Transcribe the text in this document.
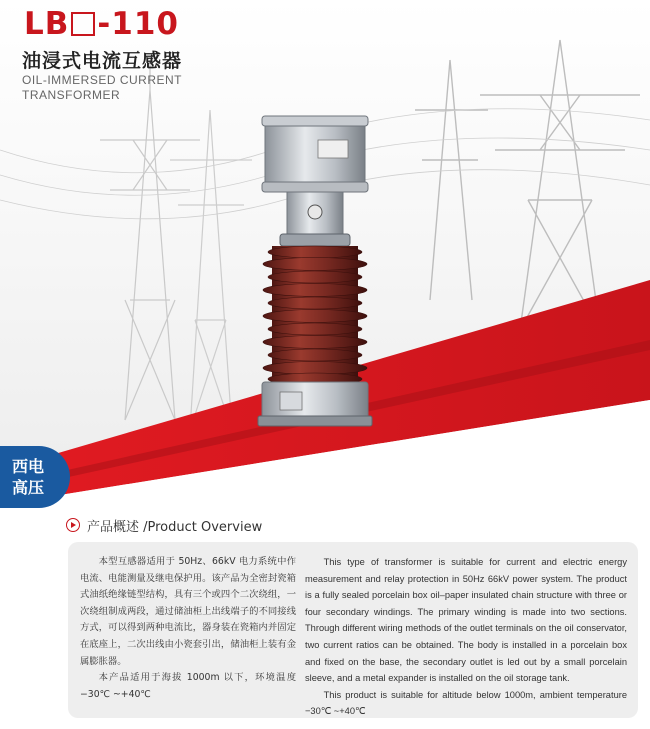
LB -110
油浸式电流互感器
OIL-IMMERSED CURRENT TRANSFORMER
西电
高压
产品概述 /Product Overview

本型互感器适用于 50Hz、66kV 电力系统中作电流、电能测量及继电保护用。该产品为全密封瓷箱式油纸绝缘链型结构，具有三个或四个二次绕组，一次绕组制成两段，通过储油柜上出线端子的不同接线方式，可以得到两种电流比，器身装在瓷箱内并固定在底座上，二次出线由小瓷套引出，储油柜上装有金属膨胀器。

本产品适用于海拔 1000m 以下，环境温度 −30℃ ~+40℃

This type of transformer is suitable for current and electric energy measurement and relay protection in 50Hz 66kV power system. The product is a fully sealed porcelain box oil–paper insulated chain structure with three or four secondary windings. The primary winding is made into two sections. Through different wiring methods of the outlet terminals on the oil conservator, two current ratios can be obtained. The body is installed in a porcelain box and fixed on the base, the secondary outlet is led out by a small porcelain sleeve, and a metal expander is installed on the oil storage tank.

This product is suitable for altitude below 1000m, ambient temperature −30℃ ~+40℃
